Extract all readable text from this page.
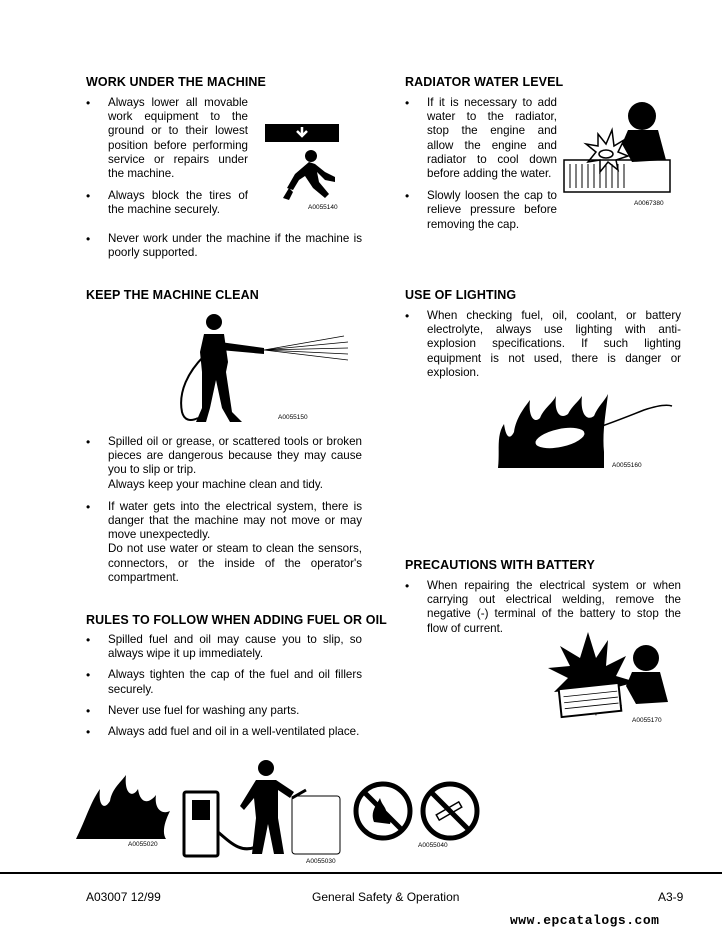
WORK UNDER THE MACHINE
• Always lower all movable work equipment to the ground or to their lowest position before performing service or repairs under the machine.
• Always block the tires of the machine securely.
• Never work under the machine if the machine is poorly supported.
A0055140
KEEP THE MACHINE CLEAN
A0055150
• Spilled oil or grease, or scattered tools or broken pieces are dangerous because they may cause you to slip or trip.
Always keep your machine clean and tidy.
• If water gets into the electrical system, there is danger that the machine may not move or may move unexpectedly.
Do not use water or steam to clean the sensors, connectors, or the inside of the operator's compartment.
RULES TO FOLLOW WHEN ADDING FUEL OR OIL
• Spilled fuel and oil may cause you to slip, so always wipe it up immediately.
• Always tighten the cap of the fuel and oil fillers securely.
• Never use fuel for washing any parts.
• Always add fuel and oil in a well-ventilated place.
A0055020
A0055030
A0055040
RADIATOR WATER LEVEL
• If it is necessary to add water to the radiator, stop the engine and allow the engine and radiator to cool down before adding the water.
• Slowly loosen the cap to relieve pressure before removing the cap.
A0067380
USE OF LIGHTING
• When checking fuel, oil, coolant, or battery electrolyte, always use lighting with anti-explosion specifications. If such lighting equipment is not used, there is danger or explosion.
A0055160
PRECAUTIONS WITH BATTERY
• When repairing the electrical system or when carrying out electrical welding, remove the negative (-) terminal of the battery to stop the flow of current.
A0055170
A03007 12/99	General Safety & Operation	A3-9
www.epcatalogs.com
